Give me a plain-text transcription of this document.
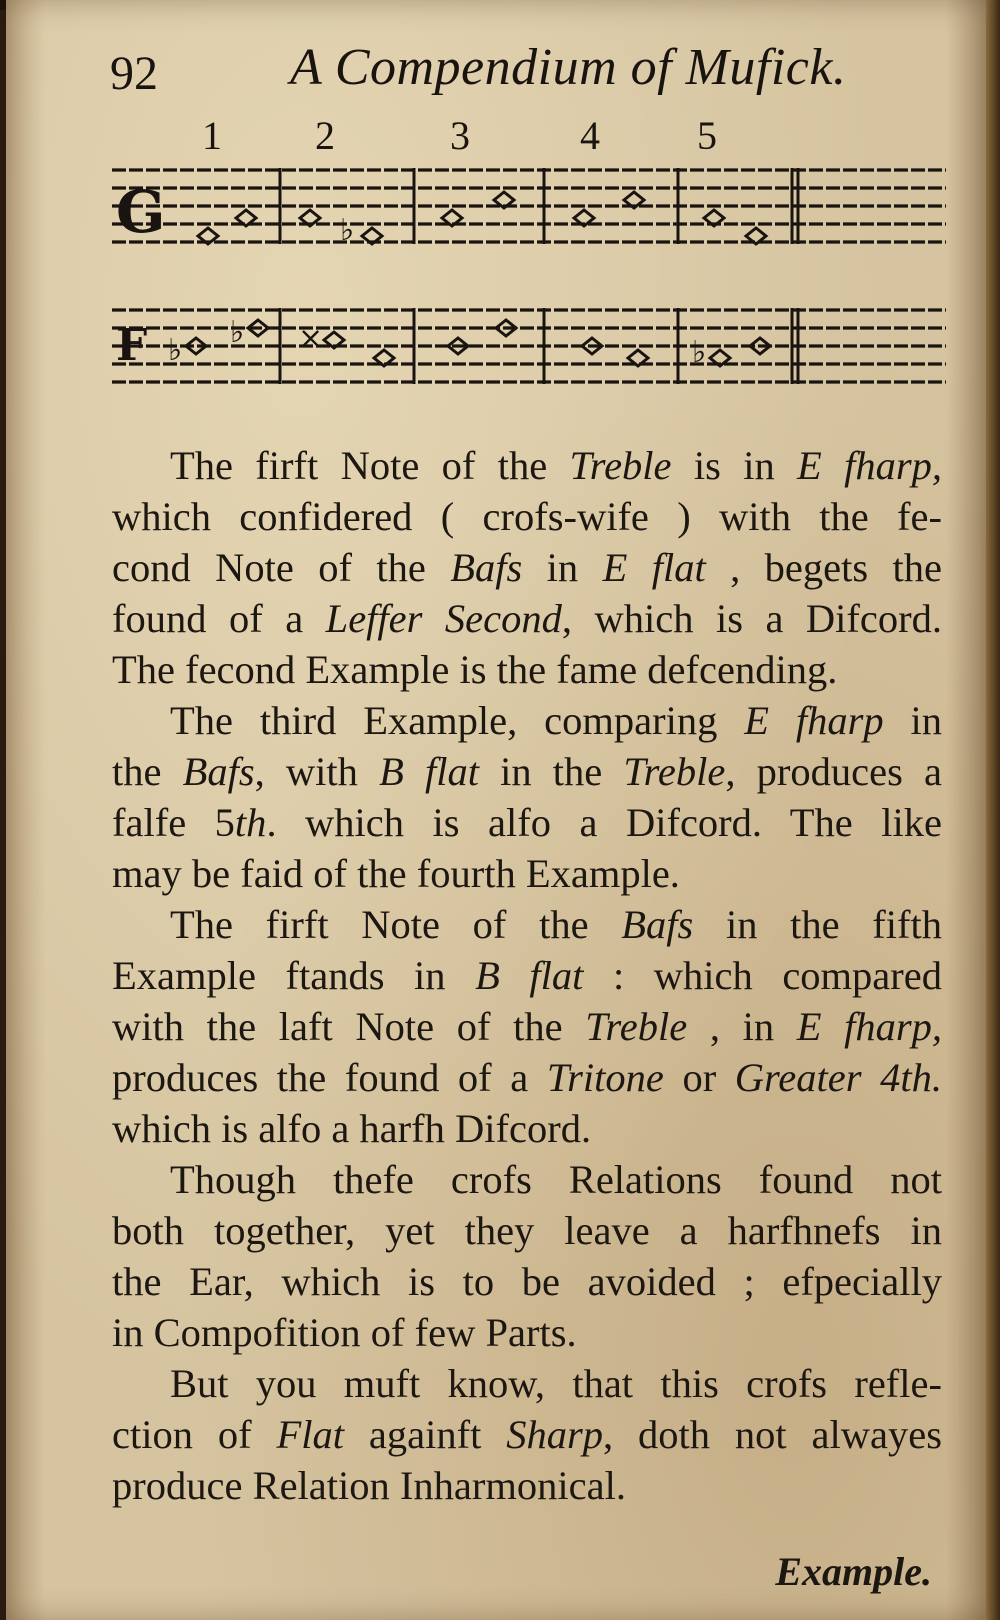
92	A Compendium of Mufick.
1 2	3	4 5
G	♭
F ♭
♭ ×	♭
The firft Note of the Treble is in E fharp,
which confidered ( crofs-wife ) with the fe-
cond Note of the Bafs in E flat , begets the
found of a Leffer Second, which is a Difcord.
The fecond Example is the fame defcending.
The third Example, comparing E fharp in
the Bafs, with B flat in the Treble, produces a
falfe 5th. which is alfo a Difcord. The like
may be faid of the fourth Example.
The firft Note of the Bafs in the fifth
Example ftands in B flat : which compared
with the laft Note of the Treble , in E fharp,
produces the found of a Tritone or Greater 4th.
which is alfo a harfh Difcord.
Though thefe crofs Relations found not
both together, yet they leave a harfhnefs in
the Ear, which is to be avoided ; efpecially
in Compofition of few Parts.
But you muft know, that this crofs refle-
ction of Flat againft Sharp, doth not alwayes
produce Relation Inharmonical.
Example.
